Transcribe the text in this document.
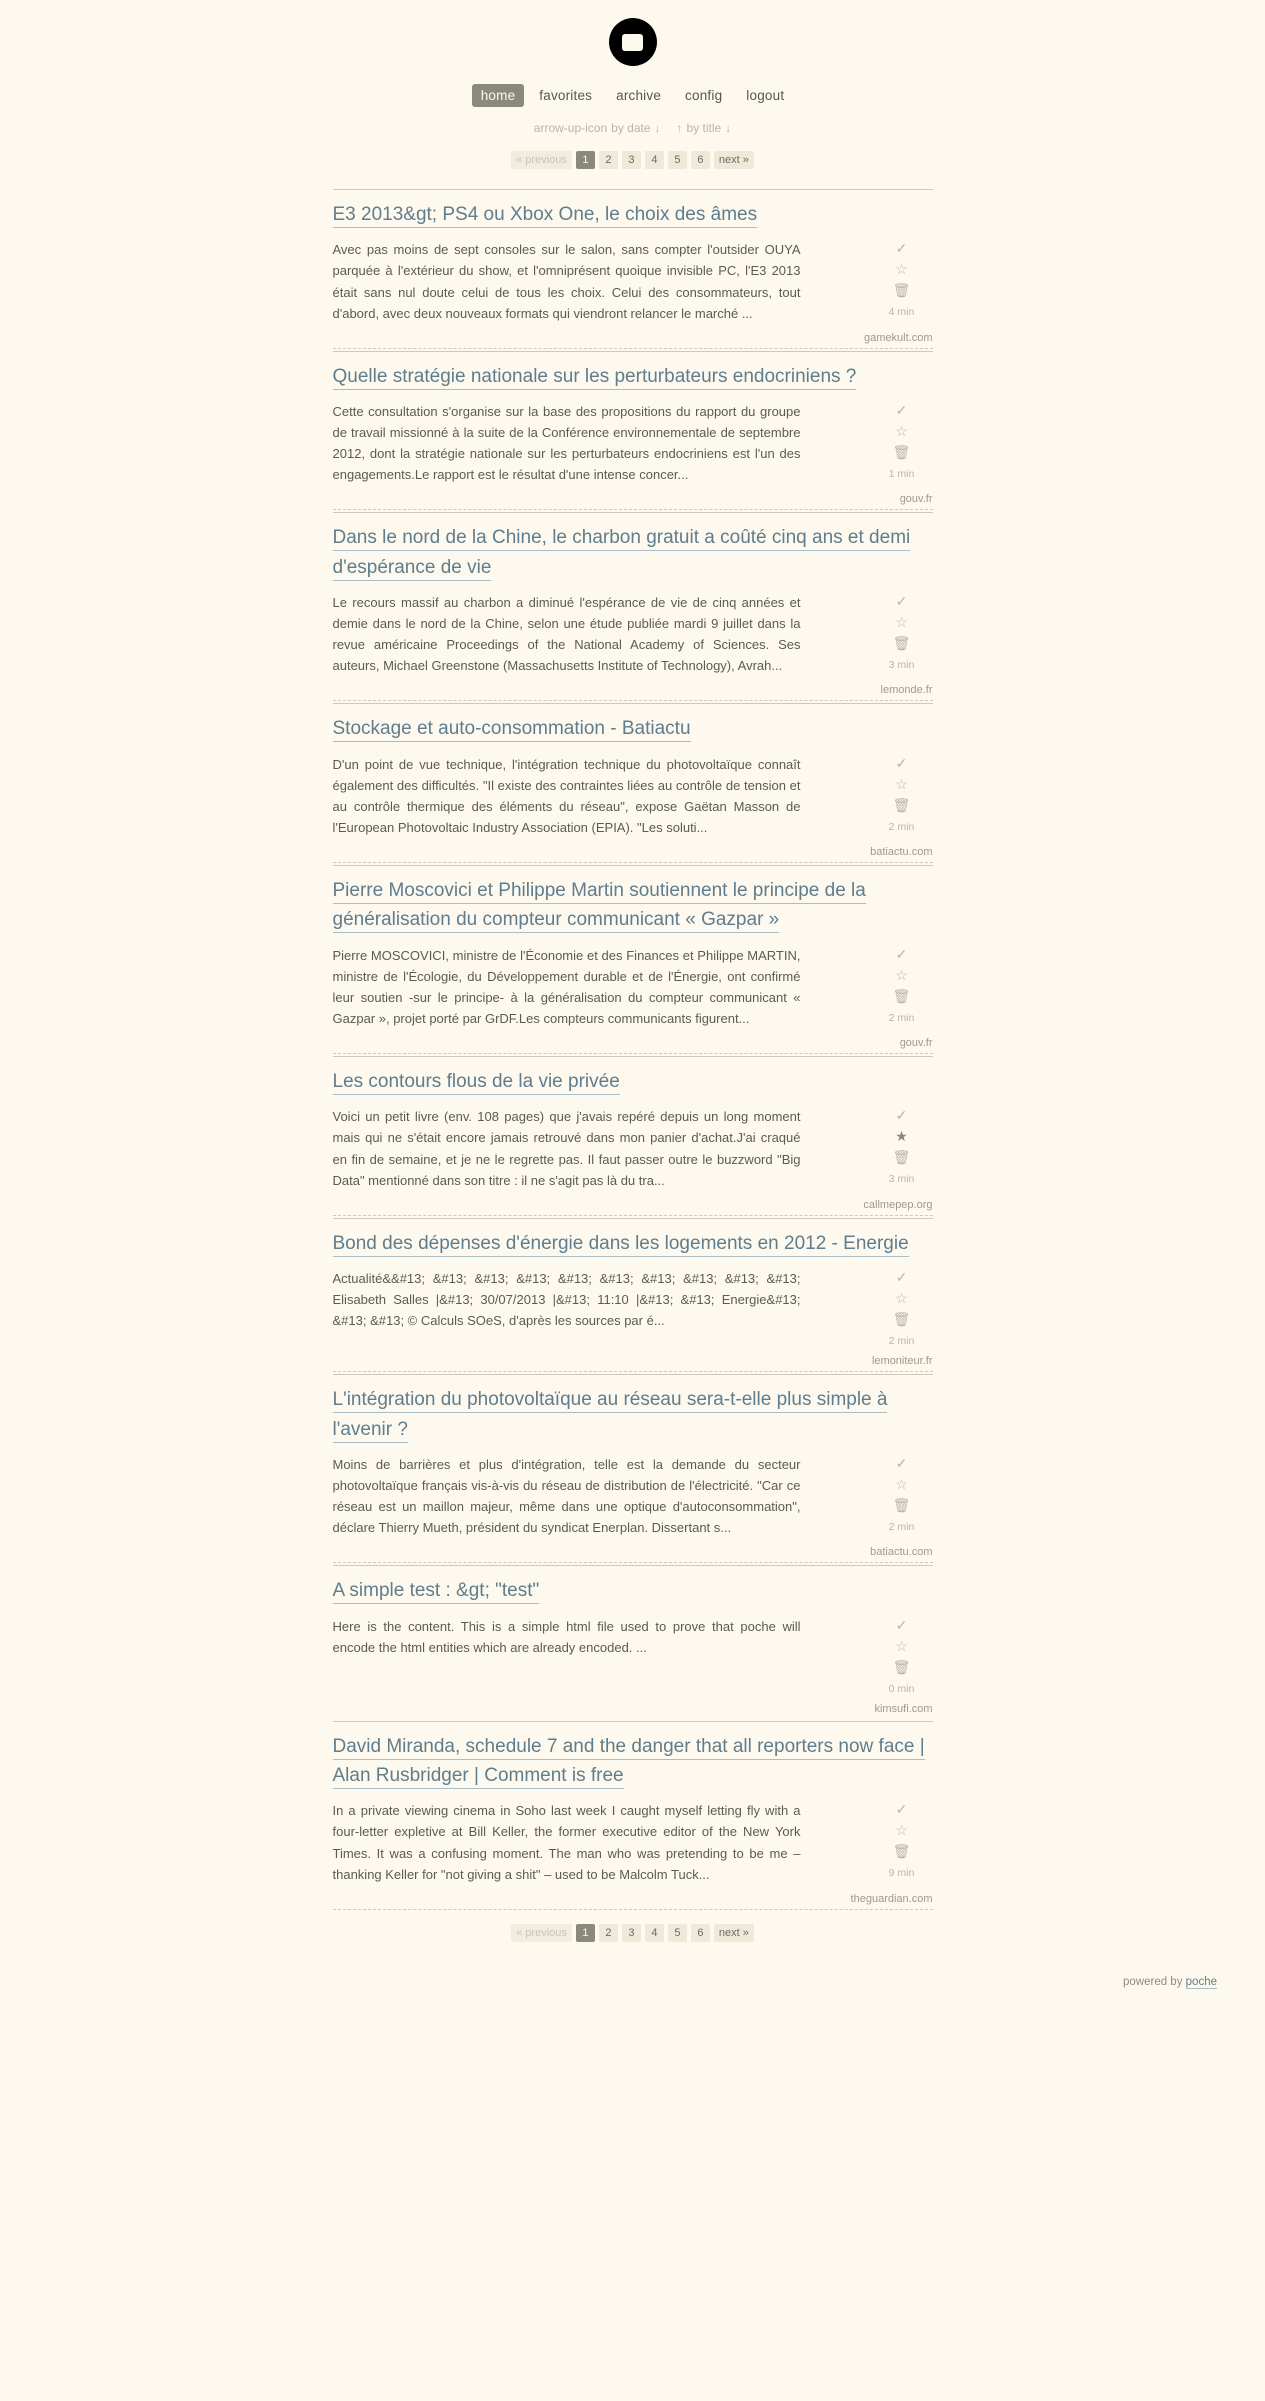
home	favorites	archive	config	logout
arrow-up-icon by date ↓ ↑ by title ↓
« previous	1	2	3	4	5	6	next »
E3 2013&gt; PS4 ou Xbox One, le choix des âmes

Avec pas moins de sept consoles sur le salon, sans compter l'outsider OUYA parquée à l'extérieur du show, et l'omniprésent quoique invisible PC, l'E3 2013 était sans nul doute celui de tous les choix. Celui des consommateurs, tout d'abord, avec deux nouveaux formats qui viendront relancer le marché ...

✓
☆
🗑
4 min
gamekult.com
Quelle stratégie nationale sur les perturbateurs endocriniens ?

Cette consultation s'organise sur la base des propositions du rapport du groupe de travail missionné à la suite de la Conférence environnementale de septembre 2012, dont la stratégie nationale sur les perturbateurs endocriniens est l'un des engagements.Le rapport est le résultat d'une intense concer...

✓
☆
🗑
1 min
gouv.fr
Dans le nord de la Chine, le charbon gratuit a coûté cinq ans et demi d'espérance de vie

Le recours massif au charbon a diminué l'espérance de vie de cinq années et demie dans le nord de la Chine, selon une étude publiée mardi 9 juillet dans la revue américaine Proceedings of the National Academy of Sciences. Ses auteurs, Michael Greenstone (Massachusetts Institute of Technology), Avrah...

✓
☆
🗑
3 min
lemonde.fr
Stockage et auto-consommation - Batiactu

D'un point de vue technique, l'intégration technique du photovoltaïque connaît également des difficultés. "Il existe des contraintes liées au contrôle de tension et au contrôle thermique des éléments du réseau", expose Gaëtan Masson de l'European Photovoltaic Industry Association (EPIA). "Les soluti...

✓
☆
🗑
2 min
batiactu.com
Pierre Moscovici et Philippe Martin soutiennent le principe de la généralisation du compteur communicant « Gazpar »

Pierre MOSCOVICI, ministre de l'Économie et des Finances et Philippe MARTIN, ministre de l'Écologie, du Développement durable et de l'Énergie, ont confirmé leur soutien -sur le principe- à la généralisation du compteur communicant « Gazpar », projet porté par GrDF.Les compteurs communicants figurent...

✓
☆
🗑
2 min
gouv.fr
Les contours flous de la vie privée

Voici un petit livre (env. 108 pages) que j'avais repéré depuis un long moment mais qui ne s'était encore jamais retrouvé dans mon panier d'achat.J'ai craqué en fin de semaine, et je ne le regrette pas. Il faut passer outre le buzzword "Big Data" mentionné dans son titre : il ne s'agit pas là du tra...

✓
★
🗑
3 min
callmepep.org
Bond des dépenses d'énergie dans les logements en 2012 - Energie

Actualité&&#13; &#13; &#13; &#13; &#13; &#13; &#13; &#13; &#13; &#13; Elisabeth Salles |&#13; 30/07/2013 |&#13; 11:10 |&#13; &#13; Energie&#13; &#13; &#13; © Calculs SOeS, d'après les sources par é...

✓
☆
🗑
2 min
lemoniteur.fr
L'intégration du photovoltaïque au réseau sera-t-elle plus simple à l'avenir ?

Moins de barrières et plus d'intégration, telle est la demande du secteur photovoltaïque français vis-à-vis du réseau de distribution de l'électricité. "Car ce réseau est un maillon majeur, même dans une optique d'autoconsommation", déclare Thierry Mueth, président du syndicat Enerplan. Dissertant s...

✓
☆
🗑
2 min
batiactu.com
A simple test : &gt; "test"

Here is the content. This is a simple html file used to prove that poche will encode the html entities which are already encoded. ...

✓
☆
🗑
0 min
kimsufi.com
David Miranda, schedule 7 and the danger that all reporters now face | Alan Rusbridger | Comment is free

In a private viewing cinema in Soho last week I caught myself letting fly with a four-letter expletive at Bill Keller, the former executive editor of the New York Times. It was a confusing moment. The man who was pretending to be me – thanking Keller for "not giving a shit" – used to be Malcolm Tuck...

✓
☆
🗑
9 min
theguardian.com
« previous	1	2	3	4	5	6	next »
powered by poche
